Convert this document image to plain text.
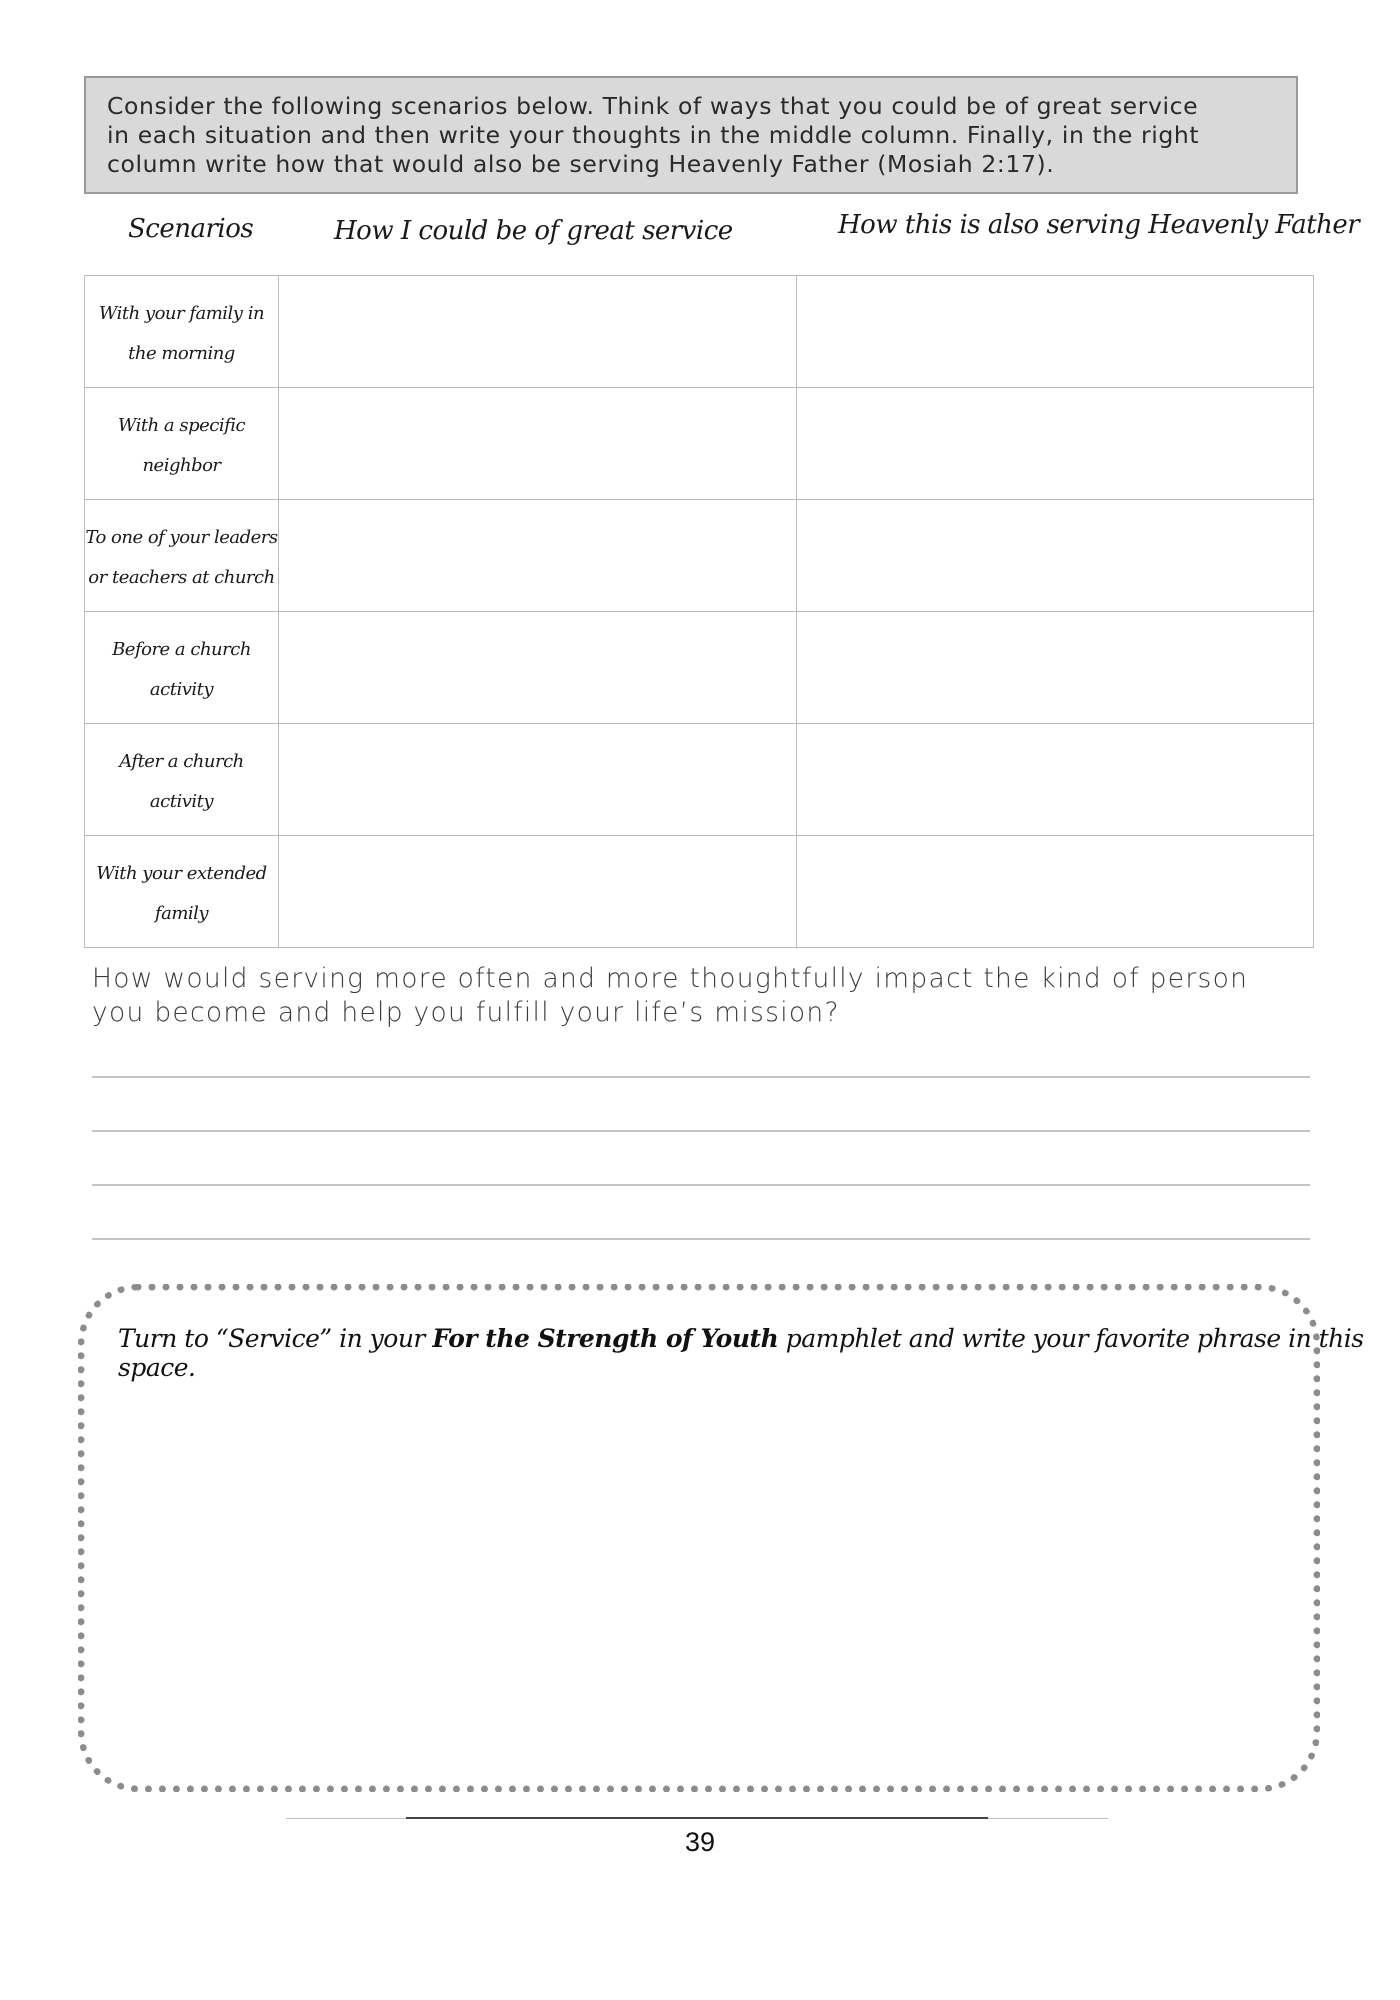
Consider the following scenarios below. Think of ways that you could be of great service
in each situation and then write your thoughts in the middle column. Finally, in the right
column write how that would also be serving Heavenly Father (Mosiah 2:17).
Scenarios	How I could be of great service	How this is also serving Heavenly Father
With your family in
the morning		

With a specific
neighbor		

To one of your leaders
or teachers at church		

Before a church
activity		

After a church
activity		

With your extended
family		

How would serving more often and more thoughtfully impact the kind of person
you become and help you fulfill your life’s mission?
Turn to “Service” in your For the Strength of Youth pamphlet and write your favorite phrase in this space.
39
